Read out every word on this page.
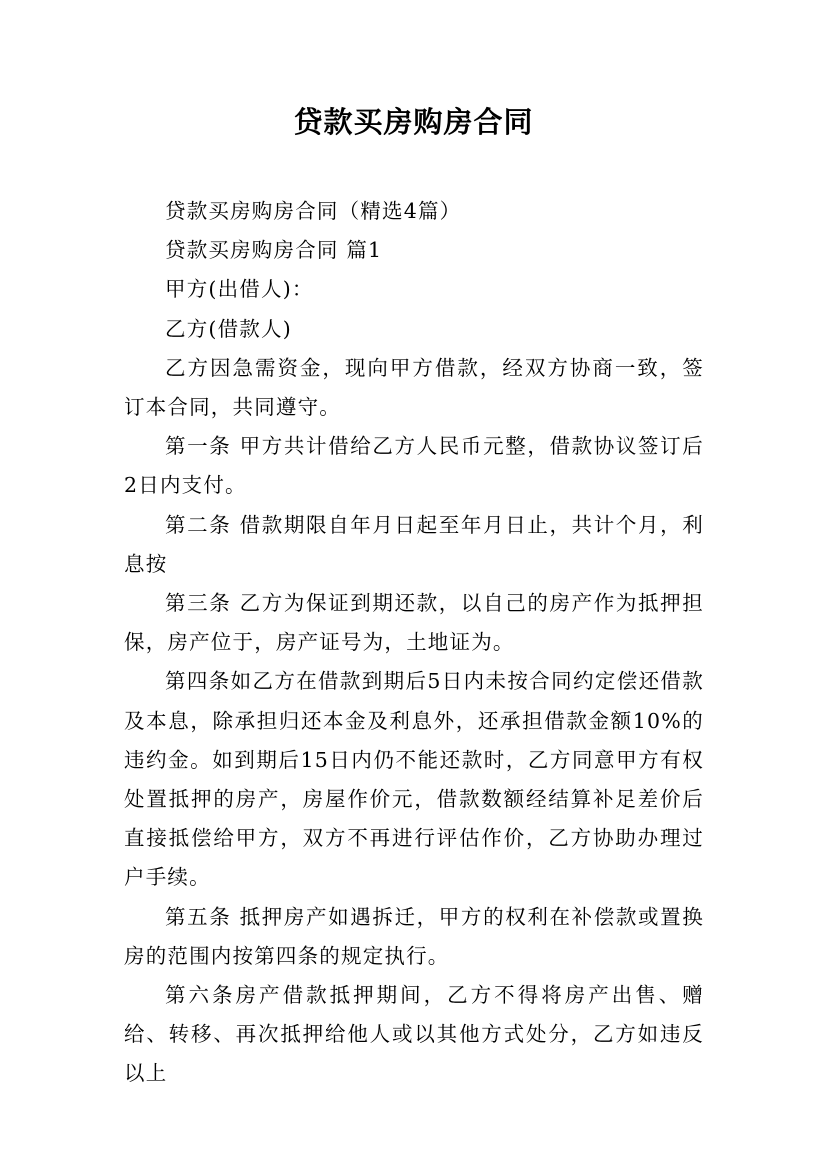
贷款买房购房合同

贷款买房购房合同（精选4篇）

贷款买房购房合同 篇1

甲方(出借人)：

乙方(借款人)

乙方因急需资金，现向甲方借款，经双方协商一致，签订本合同，共同遵守。

第一条 甲方共计借给乙方人民币元整，借款协议签订后2日内支付。

第二条 借款期限自年月日起至年月日止，共计个月，利息按

第三条 乙方为保证到期还款，以自己的房产作为抵押担保，房产位于，房产证号为，土地证为。

第四条如乙方在借款到期后5日内未按合同约定偿还借款及本息，除承担归还本金及利息外，还承担借款金额10%的违约金。如到期后15日内仍不能还款时，乙方同意甲方有权处置抵押的房产，房屋作价元，借款数额经结算补足差价后直接抵偿给甲方，双方不再进行评估作价，乙方协助办理过户手续。

第五条 抵押房产如遇拆迁，甲方的权利在补偿款或置换房的范围内按第四条的规定执行。

第六条房产借款抵押期间，乙方不得将房产出售、赠给、转移、再次抵押给他人或以其他方式处分，乙方如违反以上
